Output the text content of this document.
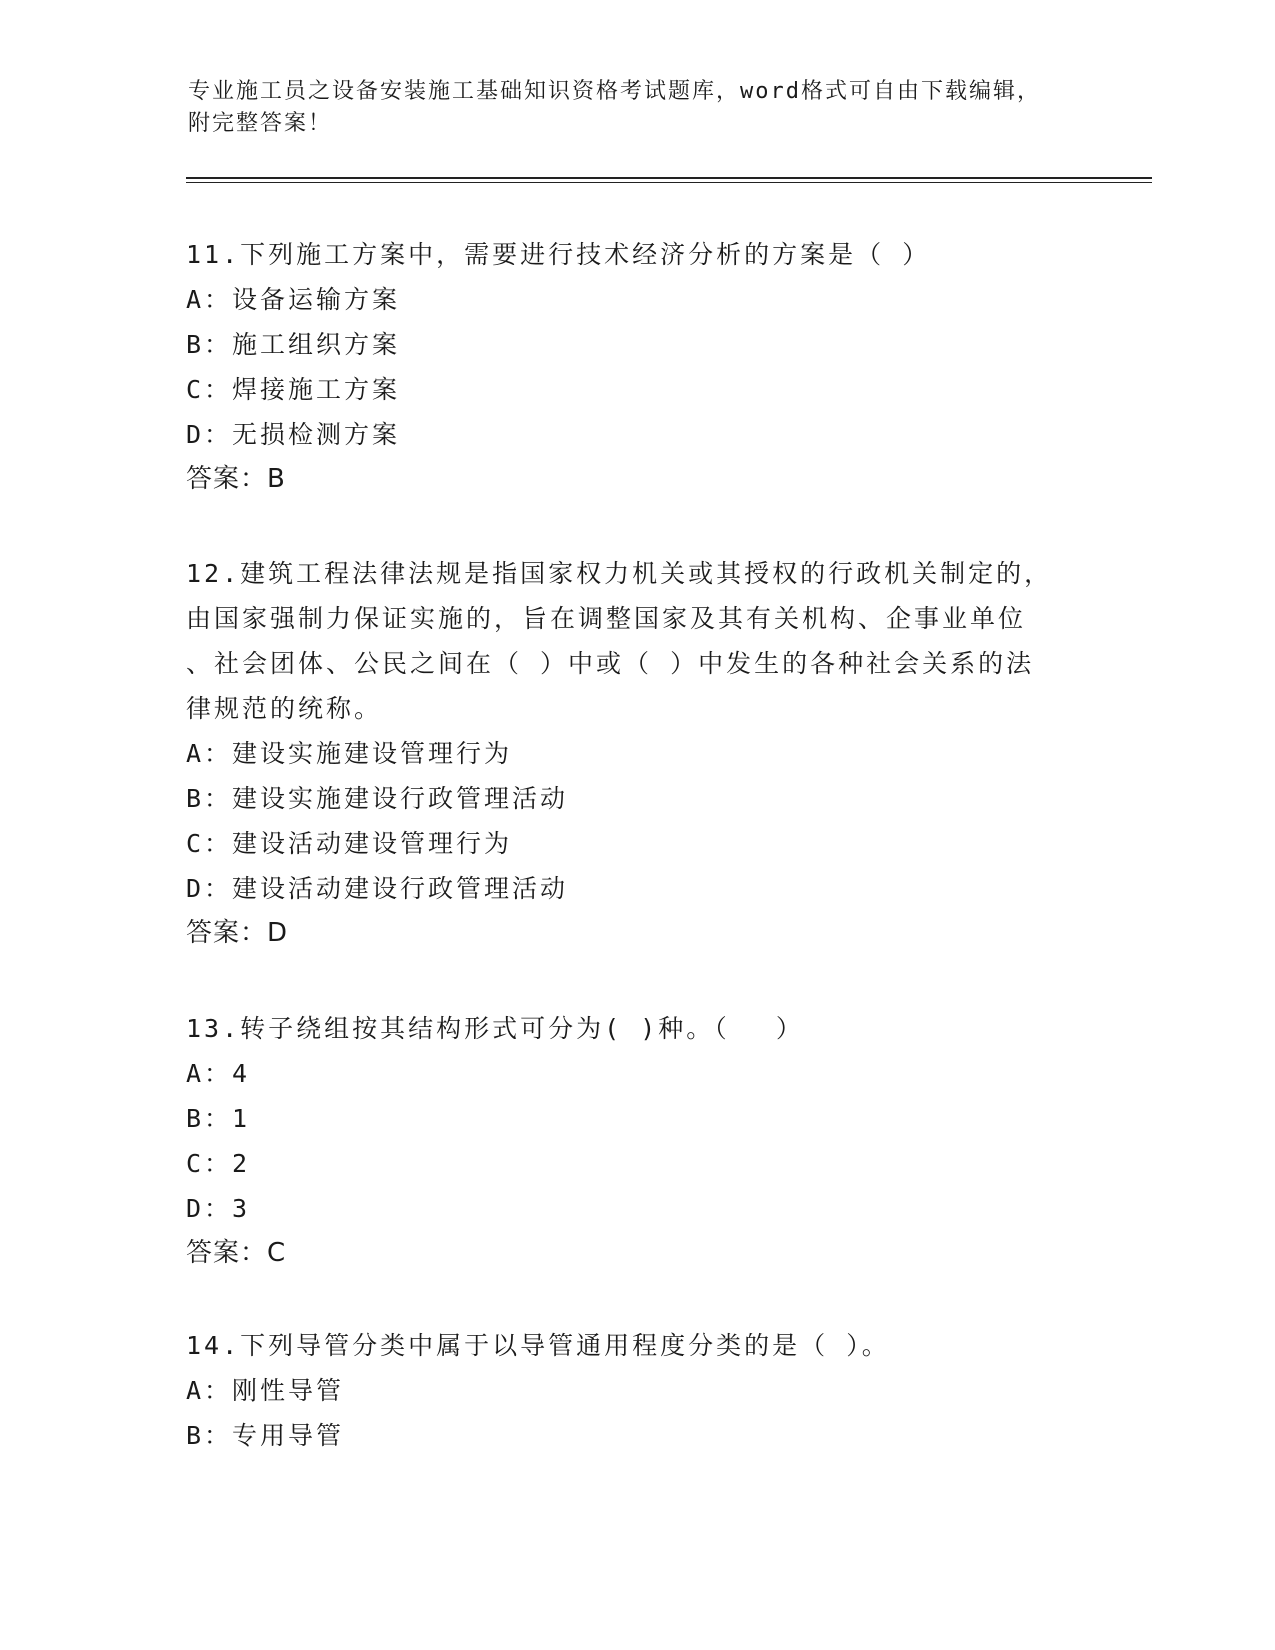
专业施工员之设备安装施工基础知识资格考试题库，word格式可自由下载编辑，
附完整答案！

11.下列施工方案中，需要进行技术经济分析的方案是（ ）

A：设备运输方案

B：施工组织方案

C：焊接施工方案

D：无损检测方案

答案：B

12.建筑工程法律法规是指国家权力机关或其授权的行政机关制定的，

由国家强制力保证实施的，旨在调整国家及其有关机构、企事业单位

、社会团体、公民之间在（ ）中或（ ）中发生的各种社会关系的法

律规范的统称。

A：建设实施建设管理行为

B：建设实施建设行政管理活动

C：建设活动建设管理行为

D：建设活动建设行政管理活动

答案：D

13.转子绕组按其结构形式可分为( )种。（　 ）

A：4

B：1

C：2

D：3

答案：C

14.下列导管分类中属于以导管通用程度分类的是（ ）。

A：刚性导管

B：专用导管
